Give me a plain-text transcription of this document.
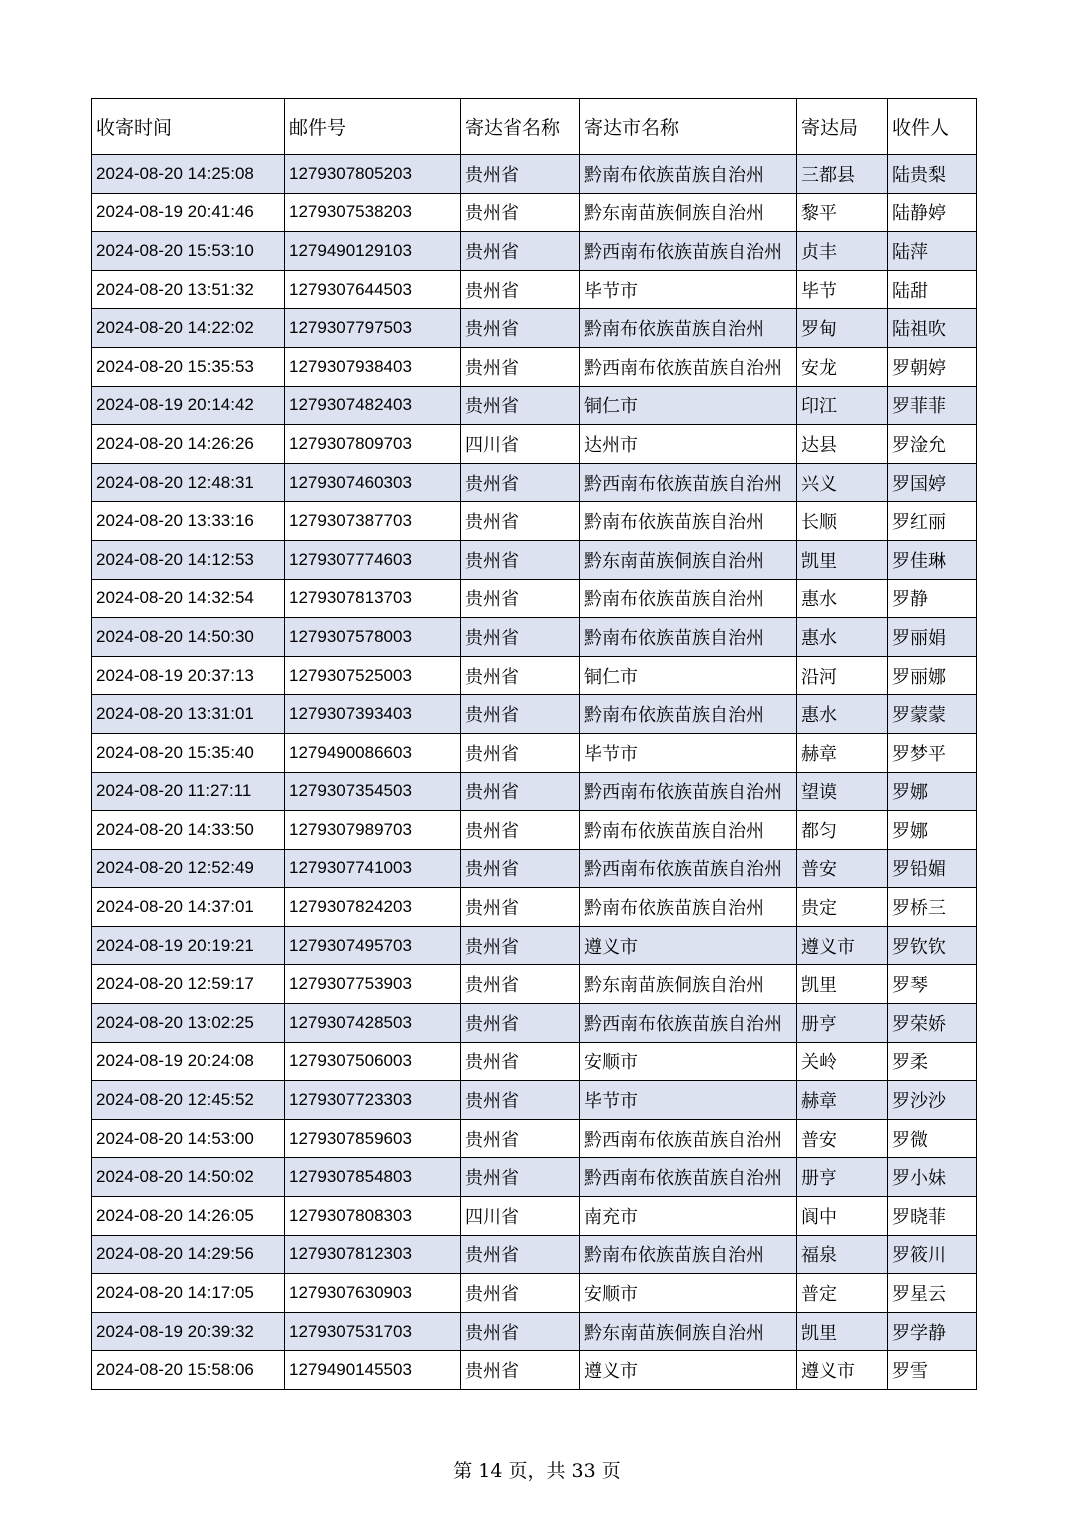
收寄时间	邮件号	寄达省名称	寄达市名称	寄达局	收件人
2024-08-20 14:25:08	1279307805203	贵州省	黔南布依族苗族自治州	三都县	陆贵梨
2024-08-19 20:41:46	1279307538203	贵州省	黔东南苗族侗族自治州	黎平	陆静婷
2024-08-20 15:53:10	1279490129103	贵州省	黔西南布依族苗族自治州	贞丰	陆萍
2024-08-20 13:51:32	1279307644503	贵州省	毕节市	毕节	陆甜
2024-08-20 14:22:02	1279307797503	贵州省	黔南布依族苗族自治州	罗甸	陆祖吹
2024-08-20 15:35:53	1279307938403	贵州省	黔西南布依族苗族自治州	安龙	罗朝婷
2024-08-19 20:14:42	1279307482403	贵州省	铜仁市	印江	罗菲菲
2024-08-20 14:26:26	1279307809703	四川省	达州市	达县	罗淦允
2024-08-20 12:48:31	1279307460303	贵州省	黔西南布依族苗族自治州	兴义	罗国婷
2024-08-20 13:33:16	1279307387703	贵州省	黔南布依族苗族自治州	长顺	罗红丽
2024-08-20 14:12:53	1279307774603	贵州省	黔东南苗族侗族自治州	凯里	罗佳琳
2024-08-20 14:32:54	1279307813703	贵州省	黔南布依族苗族自治州	惠水	罗静
2024-08-20 14:50:30	1279307578003	贵州省	黔南布依族苗族自治州	惠水	罗丽娟
2024-08-19 20:37:13	1279307525003	贵州省	铜仁市	沿河	罗丽娜
2024-08-20 13:31:01	1279307393403	贵州省	黔南布依族苗族自治州	惠水	罗蒙蒙
2024-08-20 15:35:40	1279490086603	贵州省	毕节市	赫章	罗梦平
2024-08-20 11:27:11	1279307354503	贵州省	黔西南布依族苗族自治州	望谟	罗娜
2024-08-20 14:33:50	1279307989703	贵州省	黔南布依族苗族自治州	都匀	罗娜
2024-08-20 12:52:49	1279307741003	贵州省	黔西南布依族苗族自治州	普安	罗铅媚
2024-08-20 14:37:01	1279307824203	贵州省	黔南布依族苗族自治州	贵定	罗桥三
2024-08-19 20:19:21	1279307495703	贵州省	遵义市	遵义市	罗钦钦
2024-08-20 12:59:17	1279307753903	贵州省	黔东南苗族侗族自治州	凯里	罗琴
2024-08-20 13:02:25	1279307428503	贵州省	黔西南布依族苗族自治州	册亨	罗荣娇
2024-08-19 20:24:08	1279307506003	贵州省	安顺市	关岭	罗柔
2024-08-20 12:45:52	1279307723303	贵州省	毕节市	赫章	罗沙沙
2024-08-20 14:53:00	1279307859603	贵州省	黔西南布依族苗族自治州	普安	罗微
2024-08-20 14:50:02	1279307854803	贵州省	黔西南布依族苗族自治州	册亨	罗小妹
2024-08-20 14:26:05	1279307808303	四川省	南充市	阆中	罗晓菲
2024-08-20 14:29:56	1279307812303	贵州省	黔南布依族苗族自治州	福泉	罗筱川
2024-08-20 14:17:05	1279307630903	贵州省	安顺市	普定	罗星云
2024-08-19 20:39:32	1279307531703	贵州省	黔东南苗族侗族自治州	凯里	罗学静
2024-08-20 15:58:06	1279490145503	贵州省	遵义市	遵义市	罗雪
第 14 页，共 33 页
